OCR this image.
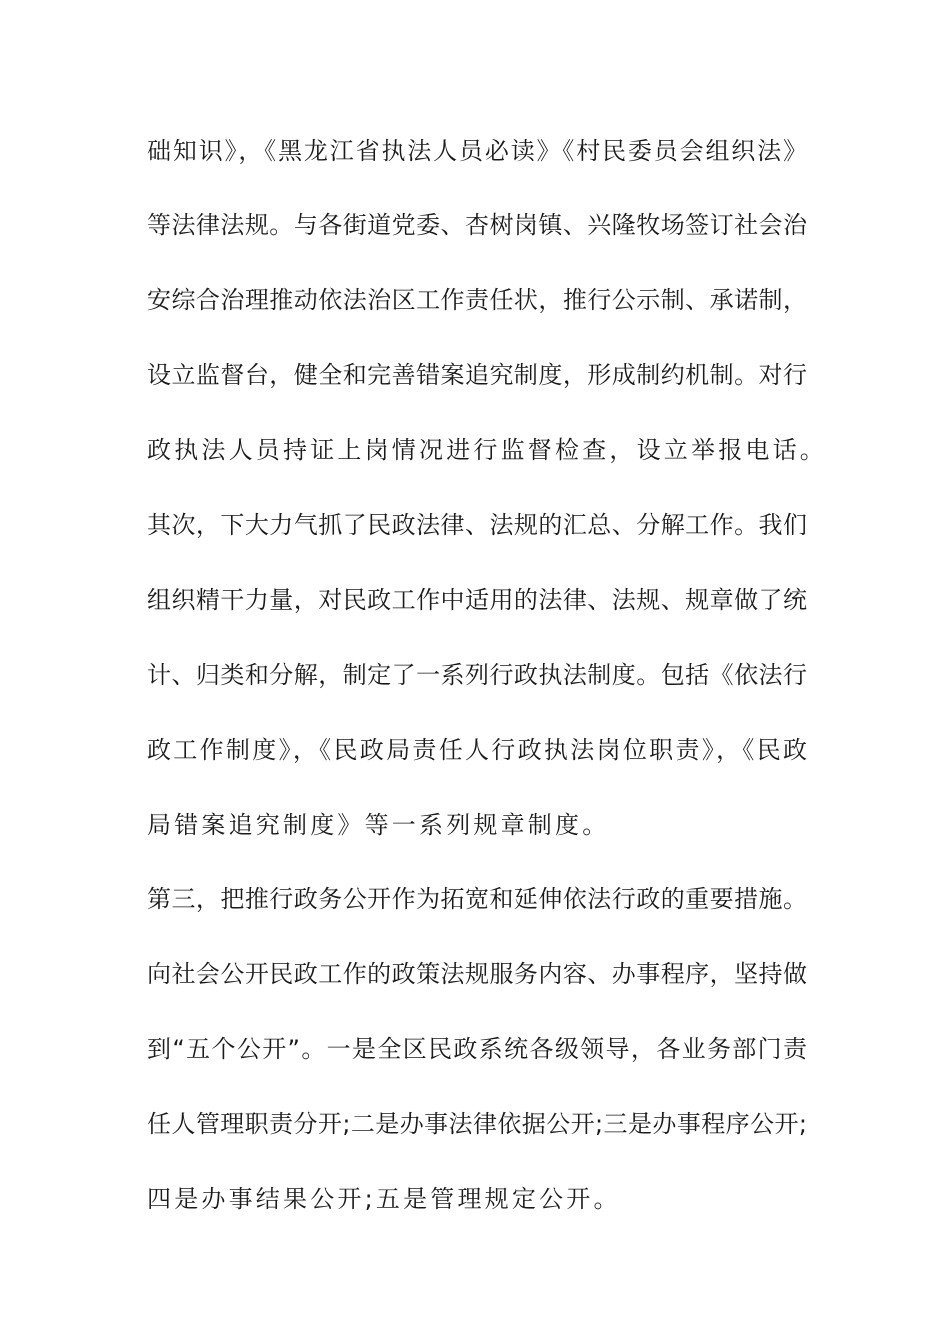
础知识》，《黑龙江省执法人员必读》《村民委员会组织法》
等法律法规。与各街道党委、杏树岗镇、兴隆牧场签订社会治
安综合治理推动依法治区工作责任状，推行公示制、承诺制，
设立监督台，健全和完善错案追究制度，形成制约机制。对行
政执法人员持证上岗情况进行监督检查，设立举报电话。
其次，下大力气抓了民政法律、法规的汇总、分解工作。我们
组织精干力量，对民政工作中适用的法律、法规、规章做了统
计、归类和分解，制定了一系列行政执法制度。包括《依法行
政工作制度》，《民政局责任人行政执法岗位职责》，《民政
局错案追究制度》等一系列规章制度。
第三，把推行政务公开作为拓宽和延伸依法行政的重要措施。
向社会公开民政工作的政策法规服务内容、办事程序，坚持做
到“五个公开”。一是全区民政系统各级领导，各业务部门责
任人管理职责分开;二是办事法律依据公开;三是办事程序公开;
四是办事结果公开;五是管理规定公开。
